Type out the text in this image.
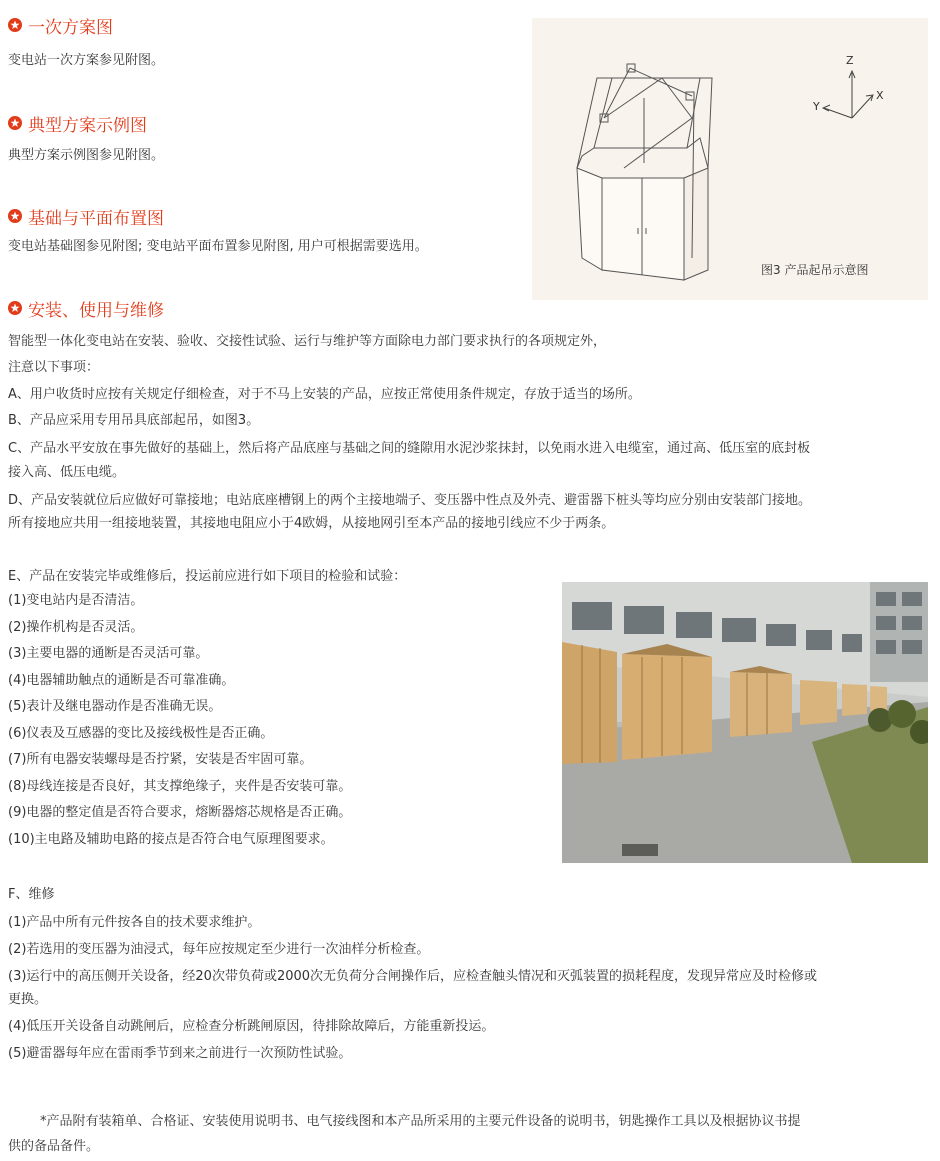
一次方案图
变电站一次方案参见附图。
典型方案示例图
典型方案示例图参见附图。
基础与平面布置图
变电站基础图参见附图; 变电站平面布置参见附图, 用户可根据需要选用。
Z
X
Y
图3 产品起吊示意图
安装、使用与维修
智能型一体化变电站在安装、验收、交接性试验、运行与维护等方面除电力部门要求执行的各项规定外，
注意以下事项：
A、用户收货时应按有关规定仔细检查，对于不马上安装的产品，应按正常使用条件规定，存放于适当的场所。
B、产品应采用专用吊具底部起吊，如图3。
C、产品水平安放在事先做好的基础上，然后将产品底座与基础之间的缝隙用水泥沙浆抹封，以免雨水进入电缆室，通过高、低压室的底封板
接入高、低压电缆。
D、产品安装就位后应做好可靠接地；电站底座槽钢上的两个主接地端子、变压器中性点及外壳、避雷器下桩头等均应分别由安装部门接地。
所有接地应共用一组接地装置，其接地电阻应小于4欧姆，从接地网引至本产品的接地引线应不少于两条。
E、产品在安装完毕或维修后，投运前应进行如下项目的检验和试验：
(1)变电站内是否清洁。
(2)操作机构是否灵活。
(3)主要电器的通断是否灵活可靠。
(4)电器辅助触点的通断是否可靠准确。
(5)表计及继电器动作是否准确无误。
(6)仪表及互感器的变比及接线极性是否正确。
(7)所有电器安装螺母是否拧紧，安装是否牢固可靠。
(8)母线连接是否良好，其支撑绝缘子，夹件是否安装可靠。
(9)电器的整定值是否符合要求，熔断器熔芯规格是否正确。
(10)主电路及辅助电路的接点是否符合电气原理图要求。
F、维修
(1)产品中所有元件按各自的技术要求维护。
(2)若选用的变压器为油浸式，每年应按规定至少进行一次油样分析检查。
(3)运行中的高压侧开关设备，经20次带负荷或2000次无负荷分合闸操作后，应检查触头情况和灭弧装置的损耗程度，发现异常应及时检修或
更换。
(4)低压开关设备自动跳闸后，应检查分析跳闸原因，待排除故障后，方能重新投运。
(5)避雷器每年应在雷雨季节到来之前进行一次预防性试验。
*产品附有装箱单、合格证、安装使用说明书、电气接线图和本产品所采用的主要元件设备的说明书，钥匙操作工具以及根据协议书提
供的备品备件。
